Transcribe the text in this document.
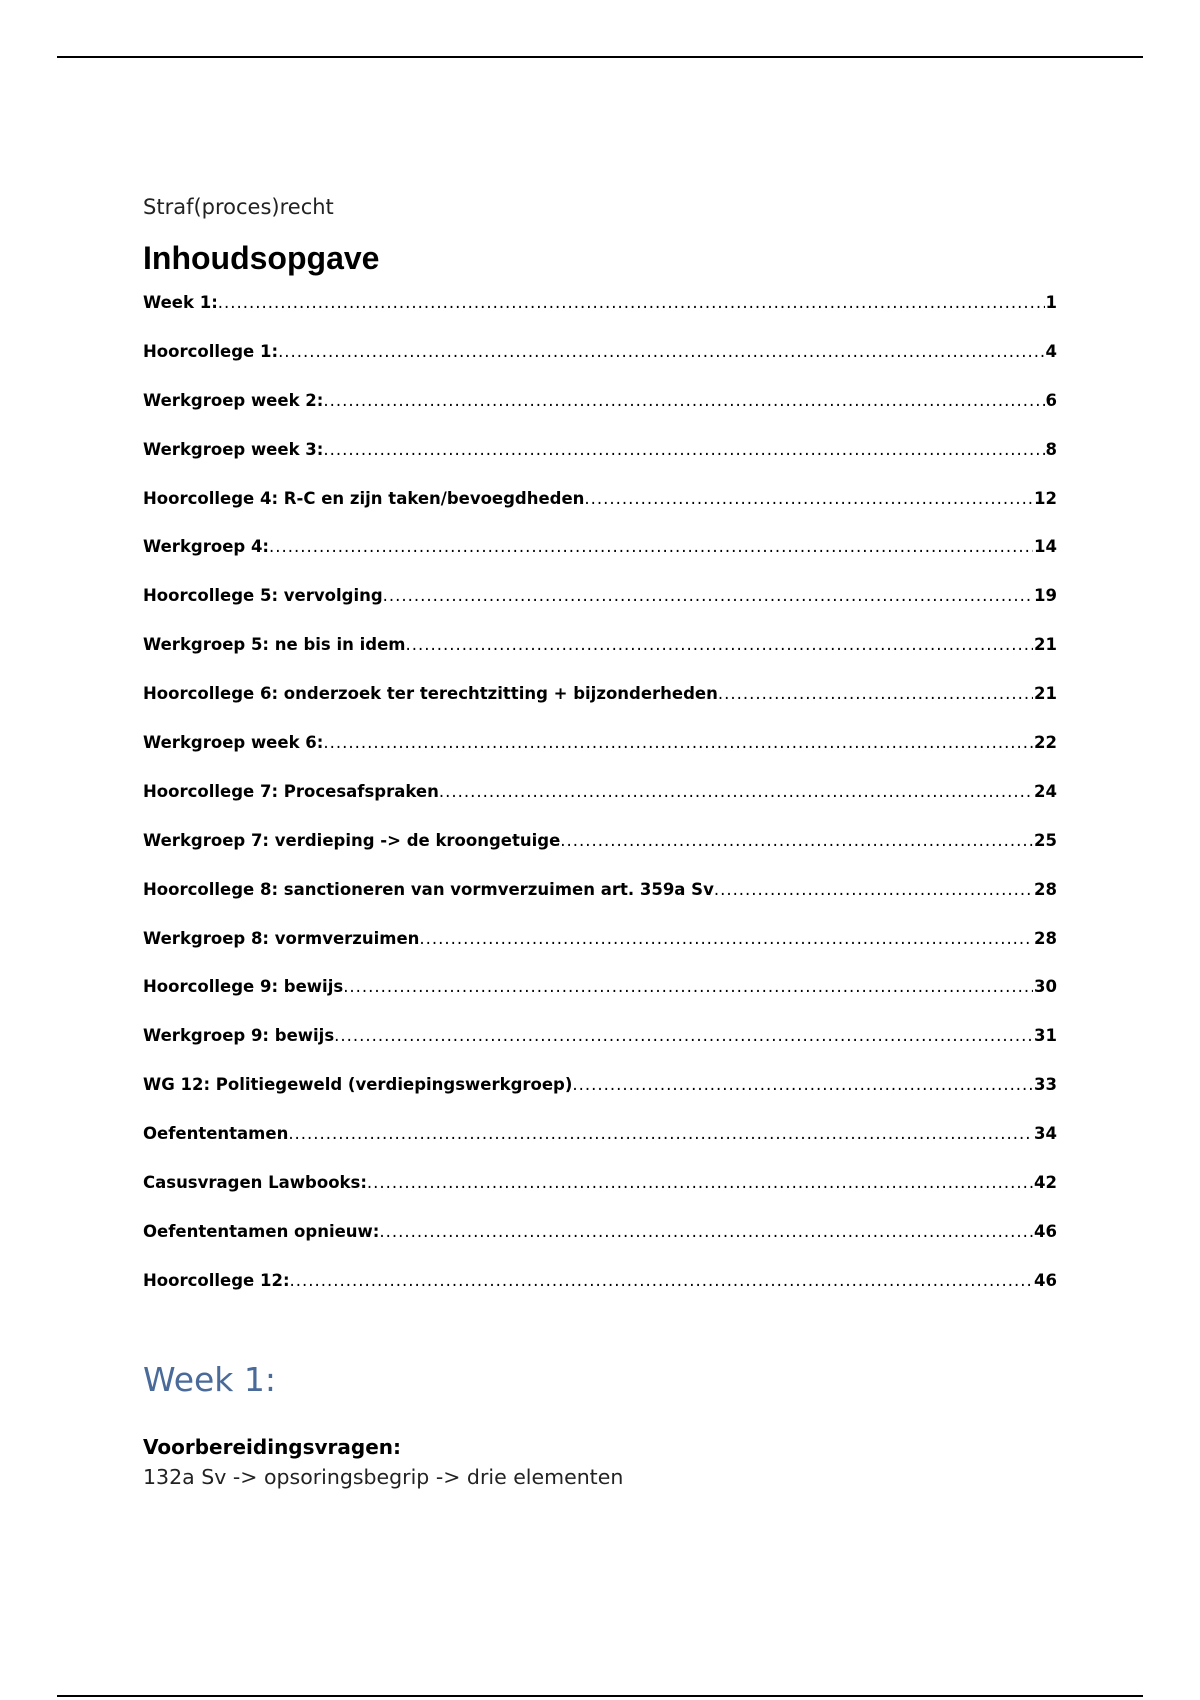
Straf(proces)recht

Inhoudsopgave
Week 1: .....	1
Hoorcollege 1: .....	4
Werkgroep week 2: .....	6
Werkgroep week 3: .....	8
Hoorcollege 4: R-C en zijn taken/bevoegdheden .....	12
Werkgroep 4: .....	14
Hoorcollege 5: vervolging .....	19
Werkgroep 5: ne bis in idem .....	21
Hoorcollege 6: onderzoek ter terechtzitting + bijzonderheden .....	21
Werkgroep week 6: .....	22
Hoorcollege 7: Procesafspraken .....	24
Werkgroep 7: verdieping -> de kroongetuige .....	25
Hoorcollege 8: sanctioneren van vormverzuimen art. 359a Sv .....	28
Werkgroep 8: vormverzuimen .....	28
Hoorcollege 9: bewijs .....	30
Werkgroep 9: bewijs .....	31
WG 12: Politiegeweld (verdiepingswerkgroep) .....	33
Oefententamen .....	34
Casusvragen Lawbooks: .....	42
Oefententamen opnieuw: .....	46
Hoorcollege 12: .....	46
Week 1:
Voorbereidingsvragen:

132a Sv -> opsoringsbegrip -> drie elementen
